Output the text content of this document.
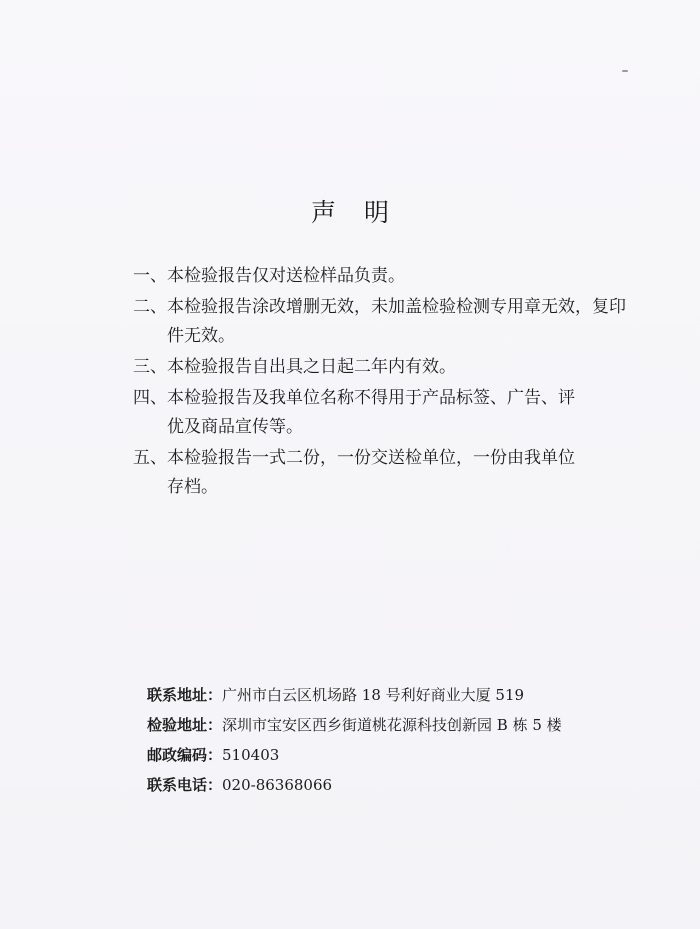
声明
一、本检验报告仅对送检样品负责。
二、本检验报告涂改增删无效，未加盖检验检测专用章无效，复印
件无效。
三、本检验报告自出具之日起二年内有效。
四、本检验报告及我单位名称不得用于产品标签、广告、评
优及商品宣传等。
五、本检验报告一式二份，一份交送检单位，一份由我单位
存档。
联系地址：广州市白云区机场路 18 号利好商业大厦 519
检验地址：深圳市宝安区西乡街道桃花源科技创新园 B 栋 5 楼
邮政编码：510403
联系电话：020-86368066
